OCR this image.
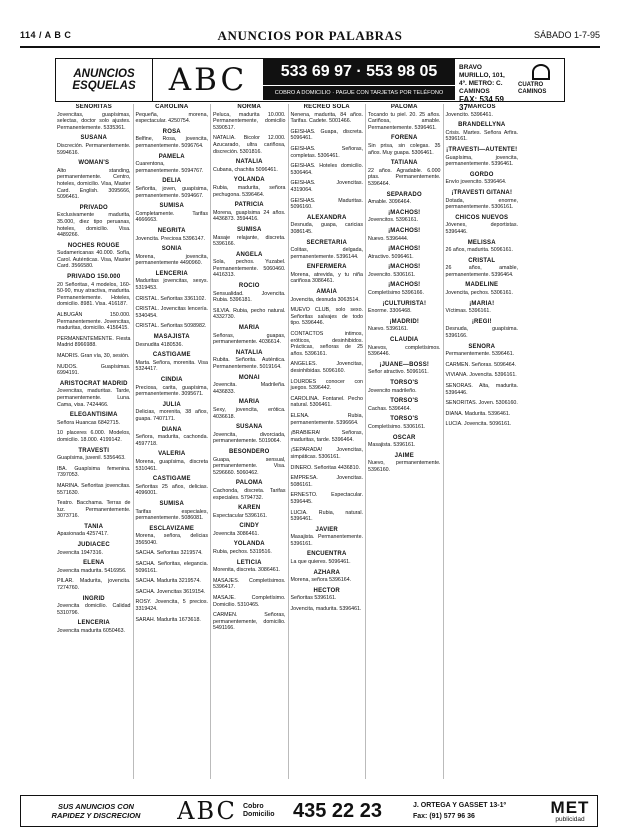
114 / A B C	ANUNCIOS POR PALABRAS	SÁBADO 1-7-95
ANUNCIOS
ESQUELAS	ABC	533 69 97 · 553 98 05
COBRO A DOMICILIO · PAGUE CON TARJETAS POR TELÉFONO
BRAVO MURILLO, 101, 4º. METRO: C. CAMINOS
FAX: 534 59 37
CUATRO CAMINOS
SEÑORITAS
Jovencitas, guapísimas, selectas, doctor solo ajustes. Permanentemente. 5335361.
SUSANA
Discreción. Permanentemente. 5994616.
WOMAN'S
Alto standing, permanentemente. Centro, hoteles, domicilio. Visa, Master Card. English. 3095666, 5096461.
PRIVADO
Exclusivamente madurita, 35.000, diez tipo peruanas, hoteles, domicilio. Visa. 4489266.
NOCHES ROUGE
Sudamericanas 40.000. Sofía, Carol. Auténticas. Visa, Master Card. 3566580.
PRIVADO 150.000
20 Señoritas, 4 modelos, 160-50-90, muy atractiva, madurita. Permanentemente. Hoteles, domicilio. 8981. Visa. 416187.
ALBUGÁN 150.000. Permanentemente. Jovencitas, maduritas, domicilio. 4156415.
PERMANENTEMENTE. Fiesta Madrid 8966988.
MADRIS. Gran vía, 30, sesión.
NUDOS. Guapísimas. 6994191.
ARISTOCRAT MADRID
Jovencitas, maduritas. Tarde, permanentemente. Luna. Cama, visa. 7424466.
ELEGANTISIMA
Señora Huancas 6842715.
10 placeres 6.000. Modelos, domicilio. 18.000. 4199142.
TRAVESTI
Guapísima, juvenil. 5356463.
IBA. Guapísima femenina. 7397053.
MARINA. Señoritas jovencitas. 5571630.
Teatro. Bacchama. Terras de luz. Permanentemente. 3073716.
TANIA
Apasionada 4257417.
JUDIACEC
Jovencita 1947316.
ELENA
Jovencita madurita. 5416956.
PILAR. Madurita, jovencita. 7274760.
INGRID
Jovencita domicilio. Calidad 5310796.
LENCERIA
Jovencita madurita 6050463.
CAROLINA
Pequeña, morena, espectacular. 4250754.
ROSA
Belfine, Rosa, jovencita, permanentemente. 5096764.
PAMELA
Cuarentona, permanentemente. 5094767.
DELIA
Señorita, joven, guapísima, permanentemente. 5094667.
SUMISA
Completamente. Tarifas 4666663.
NEGRITA
Jovencita. Preciosa 5396147.
SONIA
Morena, jovencita, permanentemente 4490960.
LENCERIA
Maduritas jovencitas, sexys. 5319453.
CRISTAL. Señoritas 3361102.
CRISTAL. Jovencitas lencería. 5340454.
CRISTAL. Señoritas 5098982.
MASAJISTA
Desnudita 4180536.
CASTIGAME
Marta. Señora, morenita. Visa 5324417.
CINDIA
Preciosa, carita, guapísima, permanentemente. 3095671.
JULIA
Delicias, morenita, 38 años, guapa. 7407171.
DIANA
Señora, madurita, cachonda. 4597718.
VALERIA
Morena, guapísima, discreta 5310461.
CASTIGAME
Señoritas 25 años, delicias. 4096001.
SUMISA
Tarifas especiales, permanentemente. 5086081.
ESCLAVIZAME
Morena, señora, delicias 3565040.
SACHA. Señoritas 3219574.
SACHA. Señoritas, elegancia. 5096161.
SACHA. Madurita 3219574.
SACHA. Jovencitas 3619154.
ROSY. Jovencita, 5 precios. 3319424.
SARAH. Madurita 1673618.
NORMA
Peluca, madurita 10.000. Permanentemente, domicilio 5390517.
NATALIA. Bicolor 12.000. Azucarado, ultra cariñosa, discreción. 5301816.
NATALIA
Cubana, chachita 5096461.
YOLANDA
Rubia, madurita, señora pechugona. 5396464.
PATRICIA
Morena, guapísima 24 años. 4436873. 3594416.
SUMISA
Masaje relajante, discreta. 5396166.
ANGELA
Sola, pechos. Yuzabel. Permanentemente. 5060460. 4416313.
ROCIO
Sensualidad. Jovencita. Rubia. 5396181.
SILVIA. Rubia, pecho natural. 4332730.
MARIA
Señoras, guapas, permanentemente. 4036614.
NATALIA
Rubita. Señorita. Auténtica. Permanentemente. 5019164.
MONAI
Jovencita. Madrileña. 4436833.
MARIA
Sexy, jovencita, erótica. 4036618.
SUSANA
Jovencita, divorciada, permanentemente. 5019064.
BESONDERO
Guapa, sensual, permanentemente. Visa. 5296660. 5060462.
PALOMA
Cachonda, discreta. Tarifas especiales. 5794732.
KAREN
Espectacular 5396161.
CINDY
Jovencita 3086461.
YOLANDA
Rubia, pechos. 5319516.
LETICIA
Morenita, discreta. 3086461.
MASAJES. Completísimos. 5396417.
MASAJE. Completísimo. Domicilio. 5310465.
CARMEN. Señoras, permanentemente, domicilio. 5491166.
RECREO SOLA
Nenena, madurita, 84 años. Tarifas. Cadete. 5001466.
GEISHAS. Guapa, discreta. 5096461.
GEISHAS. Señoras, completas. 5306461.
GEISHAS. Hoteles domicilio. 5306464.
GEISHAS. Jovencitas. 4319064.
GEISHAS. Maduritas. 5096160.
ALEXANDRA
Desnuda, guapa, caricias 3086145.
SECRETARIA
Colitas, delgada, permanentemente. 5396144.
ENFERMERA
Morena, atrevida, y tu niña cariñosa 3086461.
AMAIA
Jovencita, desnuda 3063514.
MUEVO CLUB, solo sexo. Señoritas salvajes de todo tipo. 5396446.
CONTACTOS intimos, eróticos, desinhibidos. Prácticas, señoras de 25 años. 5396161.
ANGELES. Jovencitas, desinhibidas. 5096160.
LOURDES conocer con juegos. 5396442.
CAROLINA. Fontanel. Pecho natural. 5306461.
ELENA. Rubia, permanentemente. 5396664.
¡BRABIERA! Señoras, maduritas, tarde. 5396464.
¡SEPARADA! Jovencitas, simpáticas. 5306161.
DINERO. Señoritas 4436810.
EMPRESA. Jovencitas. 5086161.
ERNESTO. Espectacular. 5396445.
LUCIA. Rubia, natural. 5396461.
JAVIER
Masajista. Permanentemente. 5396161.
ENCUENTRA
La que quieres. 5096461.
AZHARA
Morena, señora 5396164.
HECTOR
Señoritas 5396161.
Jovencita, madurita. 5396461.
PALOMA
Tocando tu piel. 20. 25 años. Cariñosa, amable. Permanentemente. 5396461.
FORENA
Sin prisa, sin colegas. 35 años. Muy guapa. 5306461.
TATIANA
22 años. Agradable. 6.000 ptas. Permanentemente. 5396464.
SEPARADO
Amable. 3096464.
¡MACHOS!
Jovencitos. 5396161.
¡MACHOS!
Nuevo. 5396444.
¡MACHOS!
Atractivo. 5096461.
¡MACHOS!
Jovencito. 5306161.
¡MACHOS!
Completísimo 5396166.
¡CULTURISTA!
Enorme. 3306468.
¡MADRID!
Nuevo. 5396161.
CLAUDIA
Nuevos, completísimos. 5396446.
¡JUANE—BOSS!
Señor atractivo. 5096161.
TORSO'S
Jovencito madrileño.
TORSO'S
Cachas. 5396464.
TORSO'S
Completísimo. 5306161.
OSCAR
Masajista. 5396161.
JAIME
Nuevo, permanentemente. 5396160.
MARCOS
Jovencito. 5396461.
BRANDELLYNA
Crisis. Martes. Señora Arfira. 5396161.
¡TRAVESTI—AUTENTE!
Guapísima, jovencita, permanentemente. 5396461.
GORDO
Envío jovencito. 5396464.
¡TRAVESTI GITANA!
Dotada, enorme, permanentemente. 5306161.
CHICOS NUEVOS
Jóvenes, deportistas. 5396446.
MELISSA
26 años, madurita. 5096161.
CRISTAL
26 años, amable, permanentemente. 5396464.
MADELINE
Jovencita, pechos. 5306161.
¡MARIA!
Víctimas. 5396161.
¡REGI!
Desnuda, guapísima. 5396166.
SENORA
Permanentemente. 5396461.
CARMEN. Señoras. 5096464.
VIVIANA. Jovencita. 5396161.
SENORAS. Alta, madurita. 5396446.
SENORITAS. Joven. 5306160.
DIANA. Madurita. 5396461.
LUCIA. Jovencita. 5096161.
SUS ANUNCIOS CON
RAPIDEZ Y DISCRECION	ABC Cobro
Domicilio 435 22 23	J. ORTEGA Y GASSET 13-1º
Fax: (91) 577 96 36	MET
publicidad
